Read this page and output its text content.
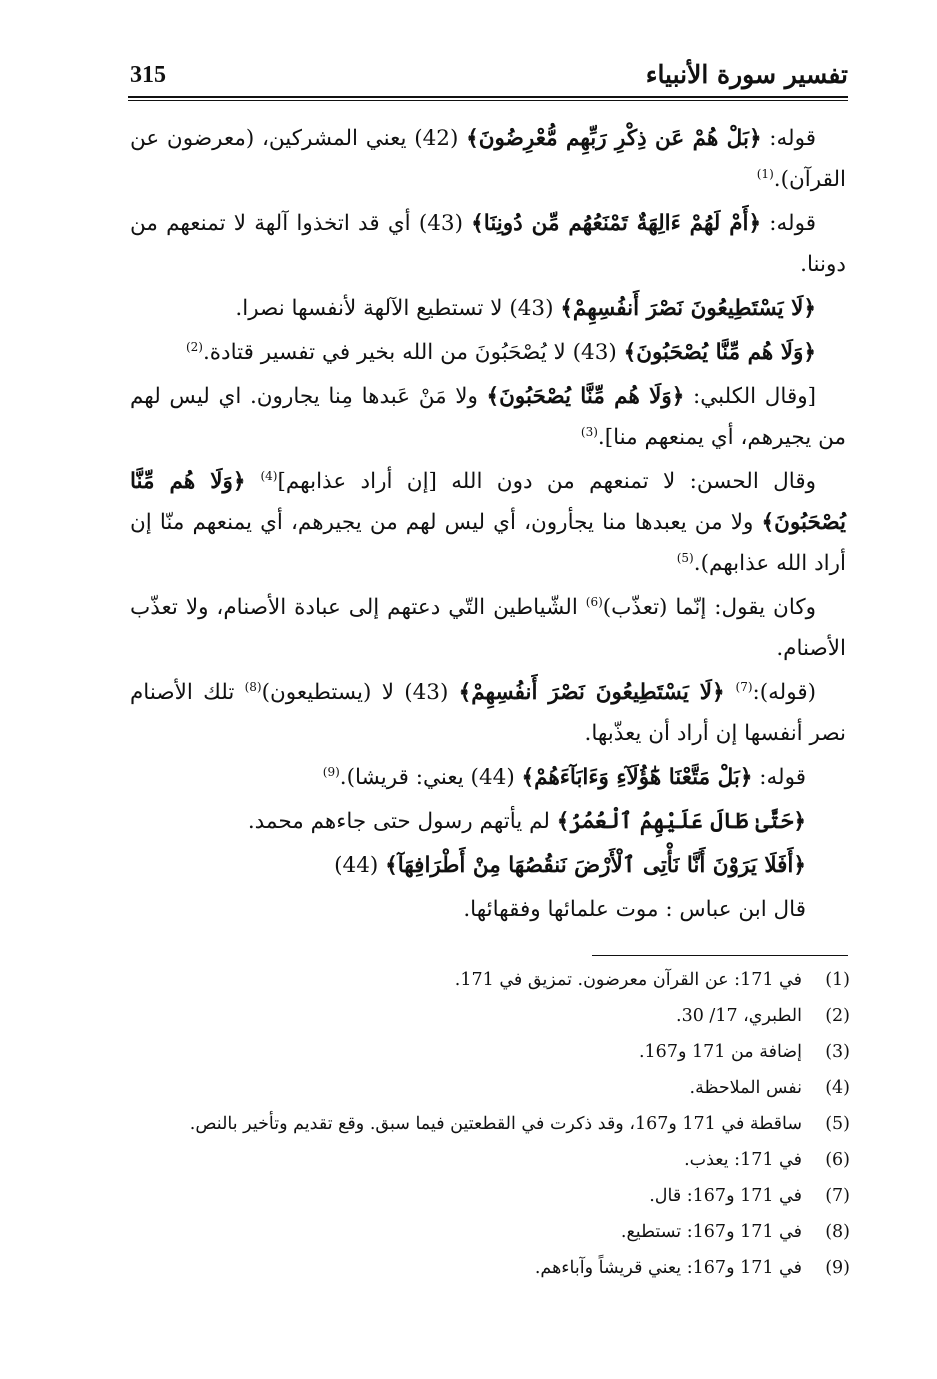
تفسير سورة الأنبياء
315

قوله: ﴿بَلْ هُمْ عَن ذِكْرِ رَبِّهِم مُّعْرِضُونَ﴾ (42) يعني المشركين، (معرضون عن القرآن).$^{(1)}$

قوله: ﴿أَمْ لَهُمْ ءَالِهَةٌ تَمْنَعُهُم مِّن دُونِنَا﴾ (43) أي قد اتخذوا آلهة لا تمنعهم من دوننا.

﴿لَا يَسْتَطِيعُونَ نَصْرَ أَنفُسِهِمْ﴾ (43) لا تستطيع الآلهة لأنفسها نصرا.

﴿وَلَا هُم مِّنَّا يُصْحَبُونَ﴾ (43) لا يُصْحَبُونَ من الله بخير في تفسير قتادة.$^{(2)}$

[وقال الكلبي: ﴿وَلَا هُم مِّنَّا يُصْحَبُونَ﴾ ولا مَنْ عَبدها مِنا يجارون. اي ليس لهم من يجيرهم، أي يمنعهم منا].$^{(3)}$

وقال الحسن: لا تمنعهم من دون الله [إن أراد عذابهم]$^{(4)}$ ﴿وَلَا هُم مِّنَّا يُصْحَبُونَ﴾ ولا من يعبدها منا يجأرون، أي ليس لهم من يجيرهم، أي يمنعهم منّا إن أراد الله عذابهم).$^{(5)}$

وكان يقول: إنّما (تعذّب)$^{(6)}$ الشّياطين التّي دعتهم إلى عبادة الأصنام، ولا تعذّب الأصنام.

(قوله):$^{(7)}$ ﴿لَا يَسْتَطِيعُونَ نَصْرَ أَنفُسِهِمْ﴾ (43) لا (يستطيعون)$^{(8)}$ تلك الأصنام نصر أنفسها إن أراد أن يعذّبها.

قوله: ﴿بَلْ مَتَّعْنَا هَٰٓؤُلَآءِ وَءَابَآءَهُمْ﴾ (44) يعني: قريشا).$^{(9)}$

﴿حَتَّىٰ طَالَ عَلَيْهِمُ ٱلْعُمُرُ﴾ لم يأتهم رسول حتى جاءهم محمد.

﴿أَفَلَا يَرَوْنَ أَنَّا نَأْتِى ٱلْأَرْضَ نَنقُصُهَا مِنْ أَطْرَافِهَآ﴾ (44)

قال ابن عباس : موت علمائها وفقهائها.

(1)في 171: عن القرآن معرضون. تمزيق في 171.
(2)الطبري، 17/ 30.
(3)إضافة من 171 و167.
(4)نفس الملاحظة.
(5)ساقطة في 171 و167، وقد ذكرت في القطعتين فيما سبق. وقع تقديم وتأخير بالنص.
(6)في 171: يعذب.
(7)في 171 و167: قال.
(8)في 171 و167: تستطيع.
(9)في 171 و167: يعني قريشاً وآباءهم.
